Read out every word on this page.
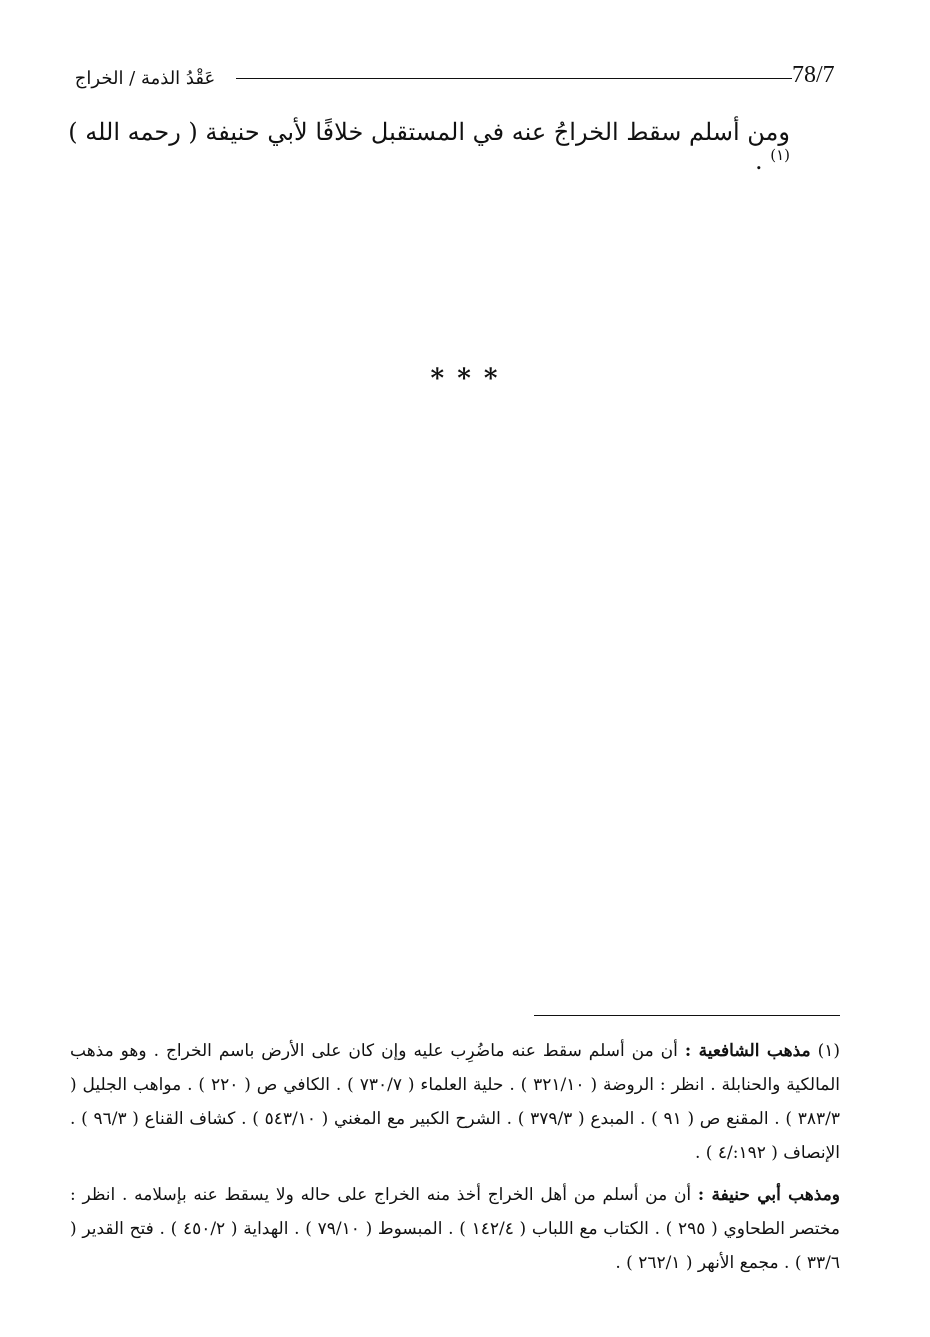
78/7
عَقْدُ الذمة / الخراج
ومن أسلم سقط الخراجُ عنه في المستقبل خلافًا لأبي حنيفة ( رحمه الله ) $^{(١)}$ .
* * *

(١) مذهب الشافعية : أن من أسلم سقط عنه ماضُرِب عليه وإن كان على الأرض باسم الخراج . وهو مذهب المالكية والحنابلة . انظر : الروضة ( ٣٢١/١٠ ) . حلية العلماء ( ٧٣٠/٧ ) . الكافي ص ( ٢٢٠ ) . مواهب الجليل ( ٣٨٣/٣ ) . المقنع ص ( ٩١ ) . المبدع ( ٣٧٩/٣ ) . الشرح الكبير مع المغني ( ٥٤٣/١٠ ) . كشاف القناع ( ٩٦/٣ ) . الإنصاف ( ١٩٢:/٤ ) .

ومذهب أبي حنيفة : أن من أسلم من أهل الخراج أخذ منه الخراج على حاله ولا يسقط عنه بإسلامه . انظر : مختصر الطحاوي ( ٢٩٥ ) . الكتاب مع اللباب ( ١٤٢/٤ ) . المبسوط ( ٧٩/١٠ ) . الهداية ( ٤٥٠/٢ ) . فتح القدير ( ٣٣/٦ ) . مجمع الأنهر ( ٢٦٢/١ ) .
